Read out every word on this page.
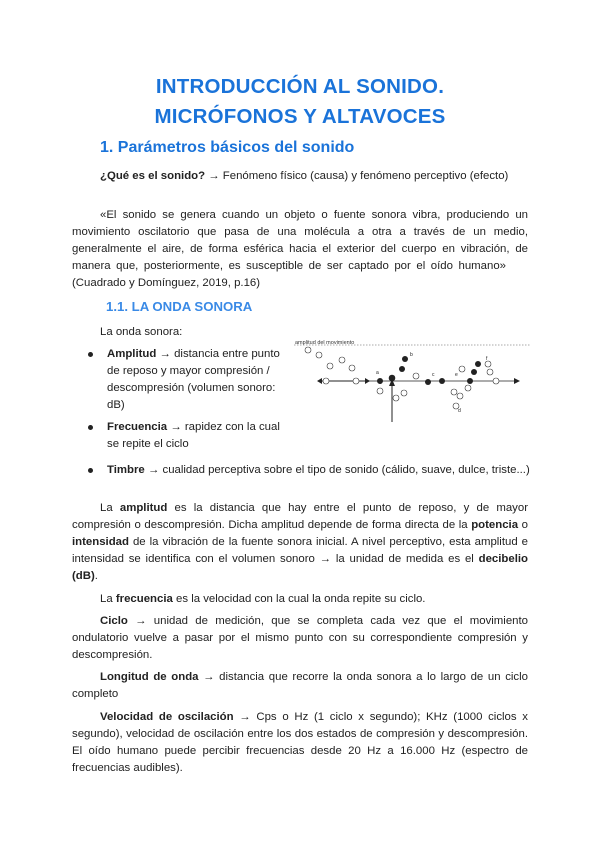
INTRODUCCIÓN AL SONIDO.
MICRÓFONOS Y ALTAVOCES
1. Parámetros básicos del sonido
¿Qué es el sonido? → Fenómeno físico (causa) y fenómeno perceptivo (efecto)
«El sonido se genera cuando un objeto o fuente sonora vibra, produciendo un movimiento oscilatorio que pasa de una molécula a otra a través de un medio, generalmente el aire, de forma esférica hacia el exterior del cuerpo en vibración, de manera que, posteriormente, es susceptible de ser captado por el oído humano»(Cuadrado y Domínguez, 2019, p.16)
1.1. LA ONDA SONORA
La onda sonora:
Amplitud → distancia entre punto de reposo y mayor compresión / descompresión (volumen sonoro: dB)
Frecuencia → rapidez con la cual se repite el ciclo
Timbre → cualidad perceptiva sobre el tipo de sonido (cálido, suave, dulce, triste...)
amplitud del movimiento
a
b
c
d
e
f
La amplitud es la distancia que hay entre el punto de reposo, y de mayor compresión o descompresión. Dicha amplitud depende de forma directa de la potencia o intensidad de la vibración de la fuente sonora inicial. A nivel perceptivo, esta amplitud e intensidad se identifica con el volumen sonoro → la unidad de medida es el decibelio (dB).
La frecuencia es la velocidad con la cual la onda repite su ciclo.
Ciclo → unidad de medición, que se completa cada vez que el movimiento ondulatorio vuelve a pasar por el mismo punto con su correspondiente compresión y descompresión.
Longitud de onda → distancia que recorre la onda sonora a lo largo de un ciclo completo
Velocidad de oscilación → Cps o Hz (1 ciclo x segundo); KHz (1000 ciclos x segundo), velocidad de oscilación entre los dos estados de compresión y descompresión. El oído humano puede percibir frecuencias desde 20 Hz a 16.000 Hz (espectro de frecuencias audibles).
